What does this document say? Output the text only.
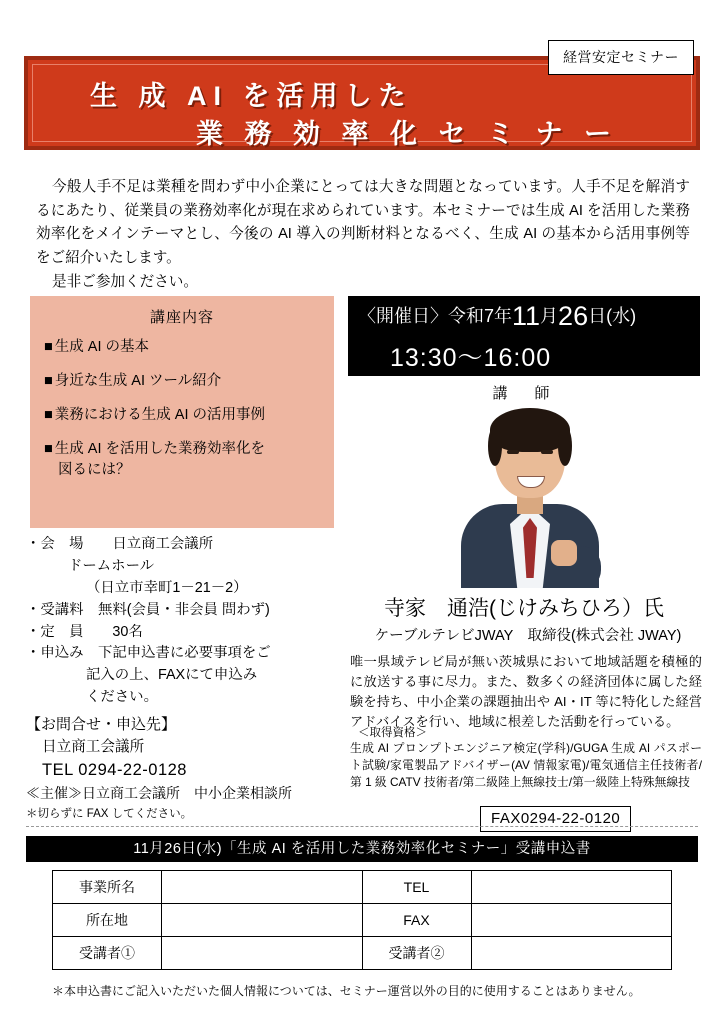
経営安定セミナー
生 成 AI を活用した
業 務 効 率 化 セ ミ ナ ー

今般人手不足は業種を問わず中小企業にとっては大きな問題となっています。人手不足を解消するにあたり、従業員の業務効率化が現在求められています。本セミナーでは生成 AI を活用した業務効率化をメインテーマとし、今後の AI 導入の判断材料となるべく、生成 AI の基本から活用事例等をご紹介いたします。

是非ご参加ください。

講座内容
■ 生成 AI の基本
■ 身近な生成 AI ツール紹介
■ 業務における生成 AI の活用事例
■ 生成 AI を活用した業務効率化を
図るには？
・会　場　　日立商工会議所
ドームホール
（日立市幸町1－21－2）
・受講料　無料(会員・非会員 問わず)
・定　員　　30名
・申込み　下記申込書に必要事項をご
記入の上、FAXにて申込み
ください。
【お問合せ・申込先】
日立商工会議所
TEL 0294-22-0128
≪主催≫日立商工会議所　中小企業相談所
＊切らずに FAX してください。
〈開催日〉令和7年11月26日(水)
13:30〜16:00
講　師
寺家　通浩(じけみちひろ）氏
ケーブルテレビJWAY　取締役(株式会社 JWAY)
唯一県域テレビ局が無い茨城県において地域話題を積極的に放送する事に尽力。また、数多くの経済団体に属した経験を持ち、中小企業の課題抽出や AI・IT 等に特化した経営アドバイスを行い、地域に根差した活動を行っている。
＜取得資格＞
生成 AI プロンプトエンジニア検定(学科)/GUGA 生成 AI パスポート試験/家電製品アドバイザー(AV 情報家電)/電気通信主任技術者/第 1 級 CATV 技術者/第二級陸上無線技士/第一級陸上特殊無線技
FAX0294-22-0120
11月26日(水)「生成 AI を活用した業務効率化セミナー」受講申込書
事業所名		TEL	
所在地		FAX	
受講者①		受講者②	
＊本申込書にご記入いただいた個人情報については、セミナー運営以外の目的に使用することはありません。
